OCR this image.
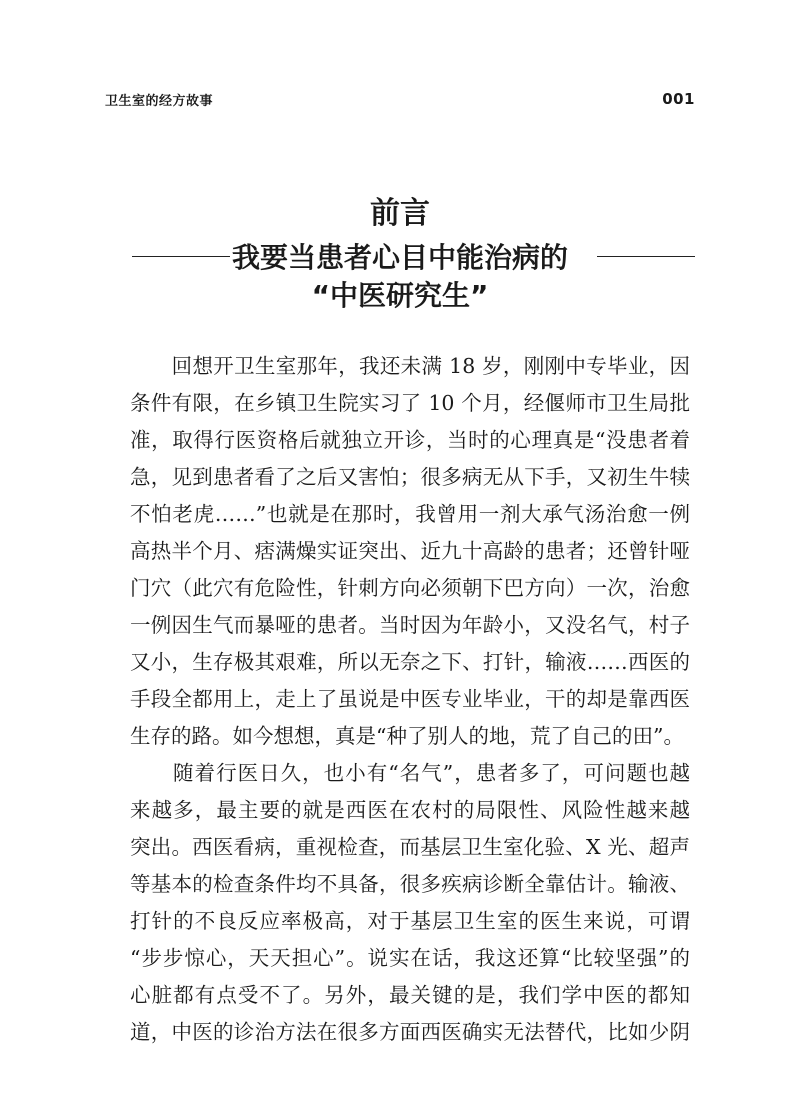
卫生室的经方故事	001
前言
我要当患者心目中能治病的
“中医研究生”
　　回想开卫生室那年，我还未满 18 岁，刚刚中专毕业，因
条件有限，在乡镇卫生院实习了 10 个月，经偃师市卫生局批
准，取得行医资格后就独立开诊，当时的心理真是“没患者着
急，见到患者看了之后又害怕；很多病无从下手，又初生牛犊
不怕老虎……”也就是在那时，我曾用一剂大承气汤治愈一例
高热半个月、痞满燥实证突出、近九十高龄的患者；还曾针哑
门穴（此穴有危险性，针刺方向必须朝下巴方向）一次，治愈
一例因生气而暴哑的患者。当时因为年龄小，又没名气，村子
又小，生存极其艰难，所以无奈之下、打针，输液……西医的
手段全都用上，走上了虽说是中医专业毕业，干的却是靠西医
生存的路。如今想想，真是“种了别人的地，荒了自己的田”。
　　随着行医日久，也小有“名气”，患者多了，可问题也越
来越多，最主要的就是西医在农村的局限性、风险性越来越
突出。西医看病，重视检查，而基层卫生室化验、X 光、超声
等基本的检查条件均不具备，很多疾病诊断全靠估计。输液、
打针的不良反应率极高，对于基层卫生室的医生来说，可谓
“步步惊心，天天担心”。说实在话，我这还算“比较坚强”的
心脏都有点受不了。另外，最关键的是，我们学中医的都知
道，中医的诊治方法在很多方面西医确实无法替代，比如少阴
